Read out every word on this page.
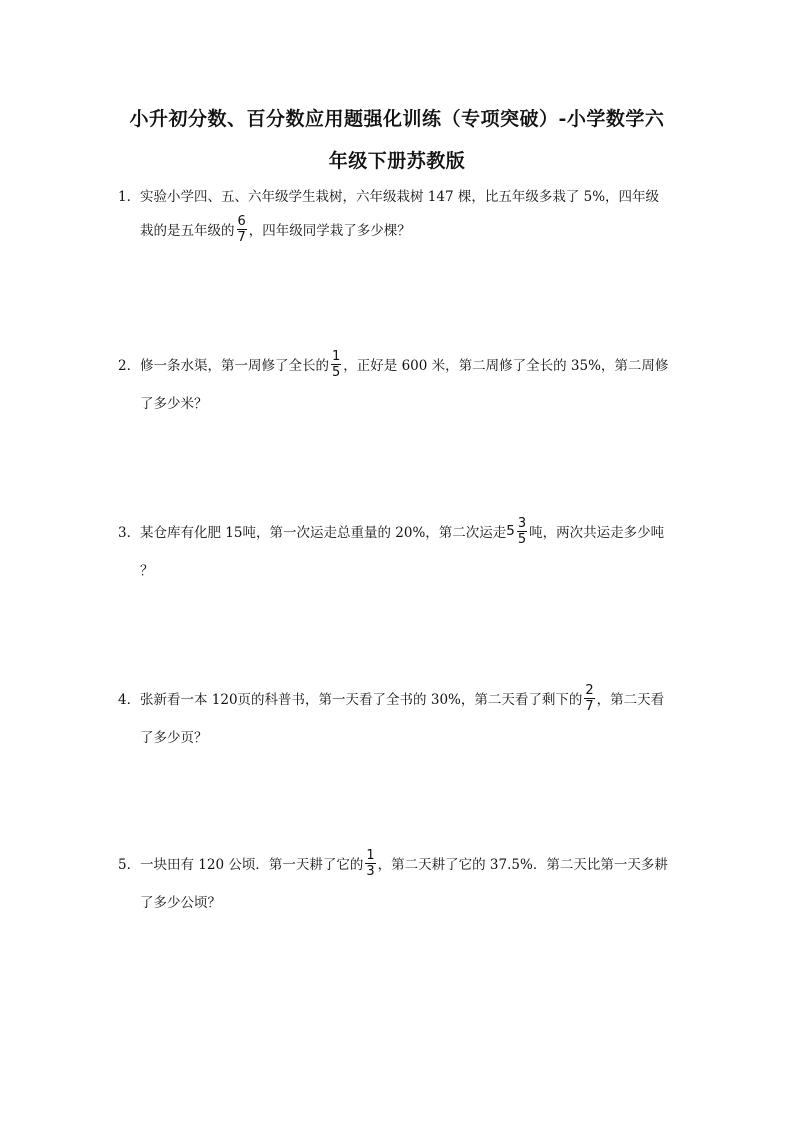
小升初分数、百分数应用题强化训练（专项突破）-小学数学六
年级下册苏教版
1． 实验小学四、五、六年级学生栽树，六年级栽树 147 棵，比五年级多栽了 5%，四年级
栽的是五年级的 $\frac{6}{7}$ ，四年级同学栽了多少棵？
2． 修一条水渠，第一周修了全长的 $\frac{1}{5}$ ，正好是 600 米，第二周修了全长的 35%，第二周修
了多少米？
3． 某仓库有化肥 15吨，第一次运走总重量的 20%，第二次运走 $5 \frac{3}{5}$ 吨，两次共运走多少吨
？
4． 张新看一本 120页的科普书，第一天看了全书的 30%，第二天看了剩下的 $\frac{2}{7}$ ，第二天看
了多少页？
5． 一块田有 120 公顷．第一天耕了它的 $\frac{1}{3}$ ，第二天耕了它的 37.5%．第二天比第一天多耕
了多少公顷？
